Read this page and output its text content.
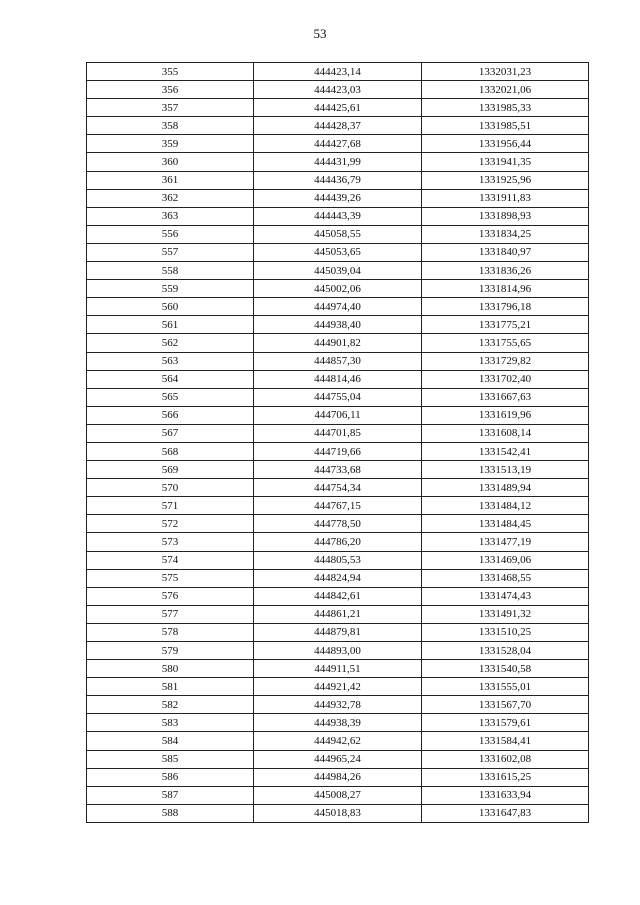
53
355	444423,14	1332031,23
356	444423,03	1332021,06
357	444425,61	1331985,33
358	444428,37	1331985,51
359	444427,68	1331956,44
360	444431,99	1331941,35
361	444436,79	1331925,96
362	444439,26	1331911,83
363	444443,39	1331898,93
556	445058,55	1331834,25
557	445053,65	1331840,97
558	445039,04	1331836,26
559	445002,06	1331814,96
560	444974,40	1331796,18
561	444938,40	1331775,21
562	444901,82	1331755,65
563	444857,30	1331729,82
564	444814,46	1331702,40
565	444755,04	1331667,63
566	444706,11	1331619,96
567	444701,85	1331608,14
568	444719,66	1331542,41
569	444733,68	1331513,19
570	444754,34	1331489,94
571	444767,15	1331484,12
572	444778,50	1331484,45
573	444786,20	1331477,19
574	444805,53	1331469,06
575	444824,94	1331468,55
576	444842,61	1331474,43
577	444861,21	1331491,32
578	444879,81	1331510,25
579	444893,00	1331528,04
580	444911,51	1331540,58
581	444921,42	1331555,01
582	444932,78	1331567,70
583	444938,39	1331579,61
584	444942,62	1331584,41
585	444965,24	1331602,08
586	444984,26	1331615,25
587	445008,27	1331633,94
588	445018,83	1331647,83
